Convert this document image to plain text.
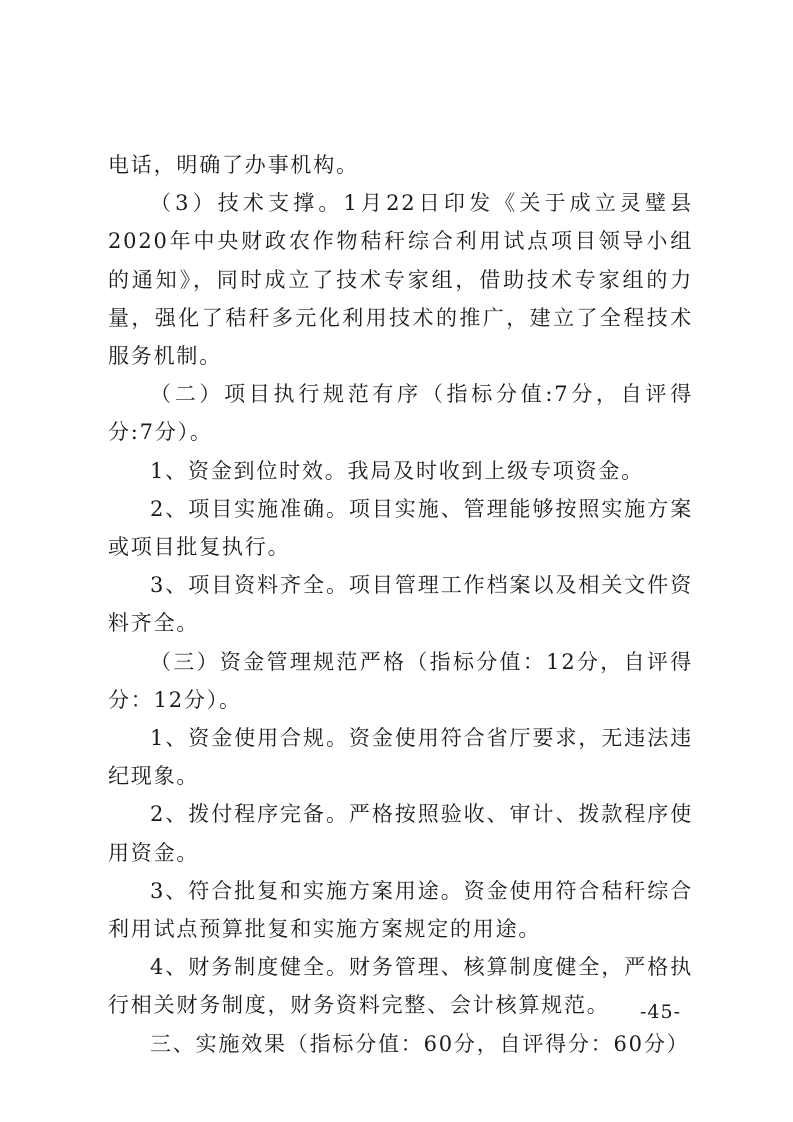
电话，明确了办事机构。

（3）技术支撑。1月22日印发《关于成立灵璧县2020年中央财政农作物秸秆综合利用试点项目领导小组的通知》，同时成立了技术专家组，借助技术专家组的力量，强化了秸秆多元化利用技术的推广，建立了全程技术服务机制。

（二）项目执行规范有序（指标分值:7分，自评得分:7分）。

1、资金到位时效。我局及时收到上级专项资金。

2、项目实施准确。项目实施、管理能够按照实施方案或项目批复执行。

3、项目资料齐全。项目管理工作档案以及相关文件资料齐全。

（三）资金管理规范严格（指标分值：12分，自评得分：12分）。

1、资金使用合规。资金使用符合省厅要求，无违法违纪现象。

2、拨付程序完备。严格按照验收、审计、拨款程序使用资金。

3、符合批复和实施方案用途。资金使用符合秸秆综合利用试点预算批复和实施方案规定的用途。

4、财务制度健全。财务管理、核算制度健全，严格执行相关财务制度，财务资料完整、会计核算规范。

三、实施效果（指标分值：60分，自评得分：60分）

-45-
